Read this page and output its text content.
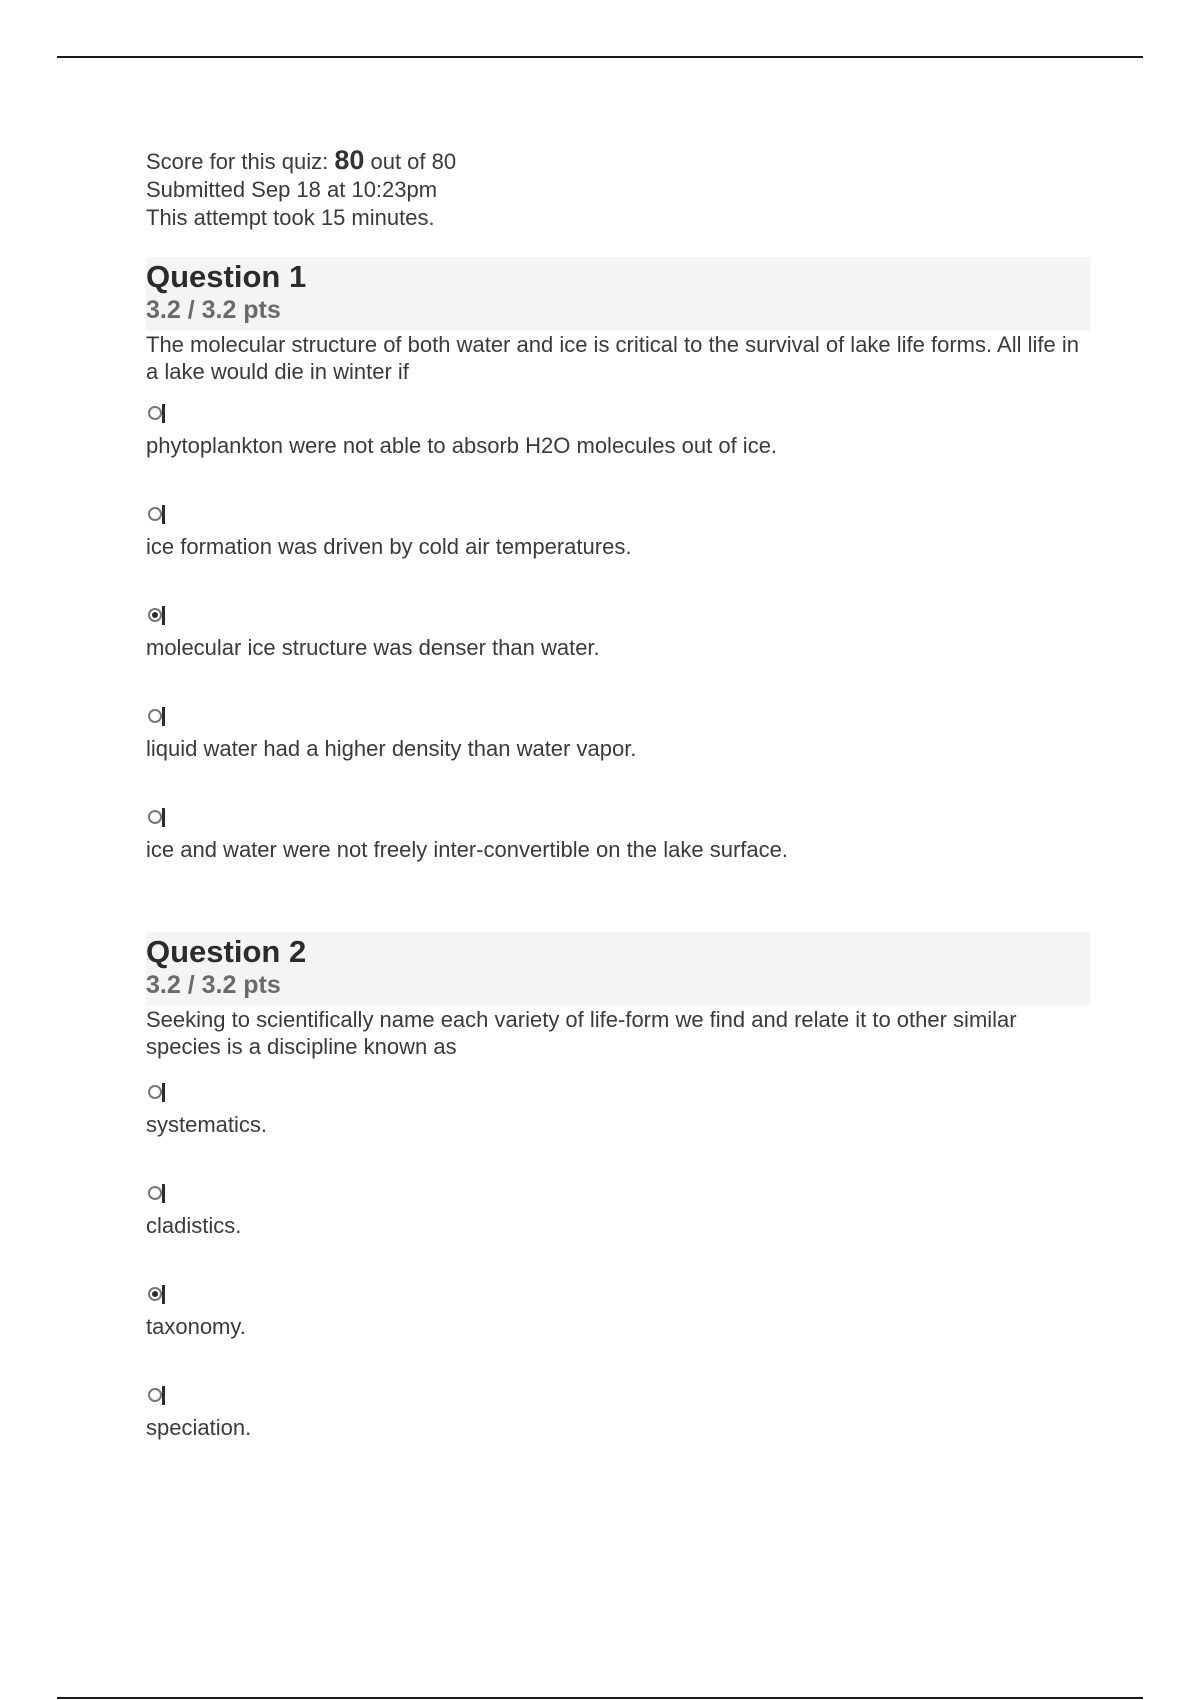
Score for this quiz: 80 out of 80

Submitted Sep 18 at 10:23pm

This attempt took 15 minutes.

Question 1

3.2 / 3.2 pts

The molecular structure of both water and ice is critical to the survival of lake life forms. All life in a lake would die in winter if

phytoplankton were not able to absorb H2O molecules out of ice.

ice formation was driven by cold air temperatures.

molecular ice structure was denser than water.

liquid water had a higher density than water vapor.

ice and water were not freely inter-convertible on the lake surface.

Question 2

3.2 / 3.2 pts

Seeking to scientifically name each variety of life-form we find and relate it to other similar species is a discipline known as

systematics.

cladistics.

taxonomy.

speciation.
